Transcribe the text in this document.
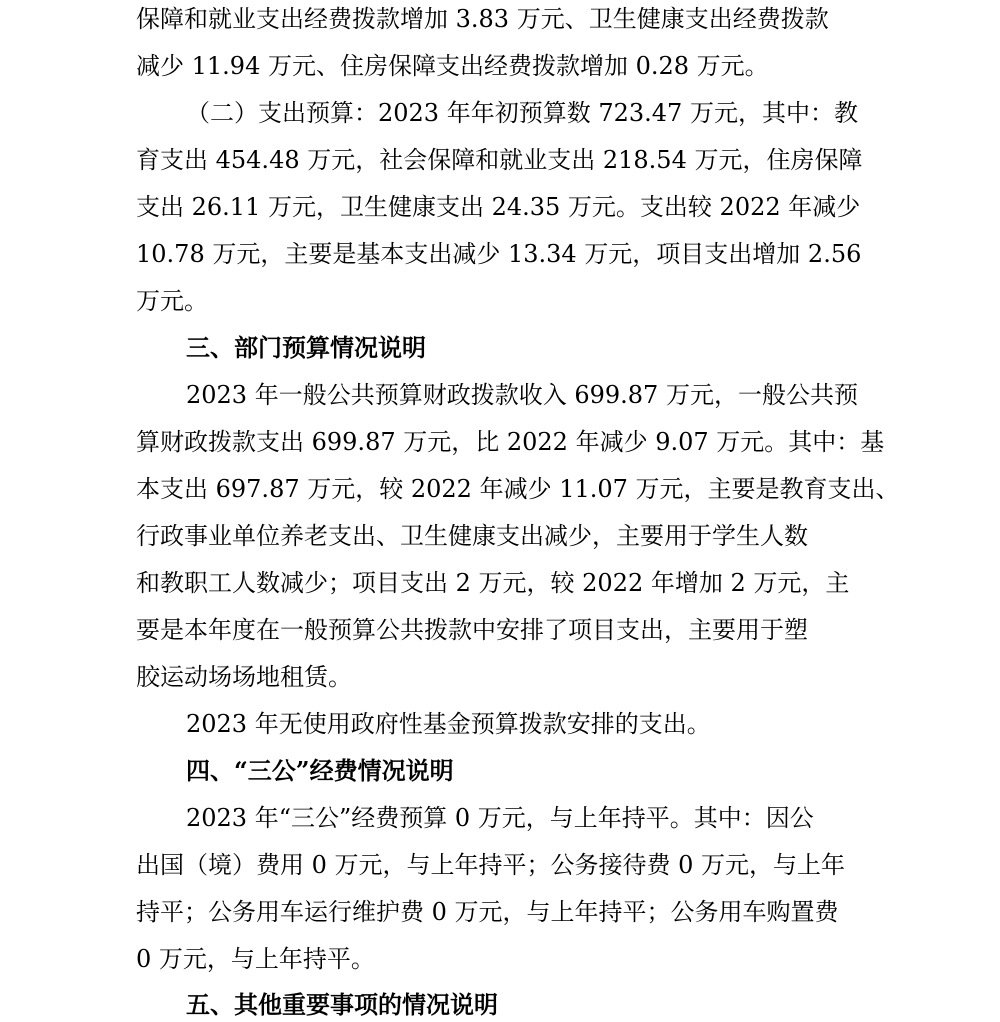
保障和就业支出经费拨款增加 3.83 万元、卫生健康支出经费拨款
减少 11.94 万元、住房保障支出经费拨款增加 0.28 万元。
（二）支出预算：2023 年年初预算数 723.47 万元，其中：教
育支出 454.48 万元，社会保障和就业支出 218.54 万元，住房保障
支出 26.11 万元，卫生健康支出 24.35 万元。支出较 2022 年减少
10.78 万元，主要是基本支出减少 13.34 万元，项目支出增加 2.56
万元。
三、部门预算情况说明
2023 年一般公共预算财政拨款收入 699.87 万元，一般公共预
算财政拨款支出 699.87 万元，比 2022 年减少 9.07 万元。其中：基
本支出 697.87 万元，较 2022 年减少 11.07 万元，主要是教育支出、
行政事业单位养老支出、卫生健康支出减少，主要用于学生人数
和教职工人数减少；项目支出 2 万元，较 2022 年增加 2 万元，主
要是本年度在一般预算公共拨款中安排了项目支出，主要用于塑
胶运动场场地租赁。
2023 年无使用政府性基金预算拨款安排的支出。
四、“三公”经费情况说明
2023 年“三公”经费预算 0 万元，与上年持平。其中：因公
出国（境）费用 0 万元，与上年持平；公务接待费 0 万元，与上年
持平；公务用车运行维护费 0 万元，与上年持平；公务用车购置费
0 万元，与上年持平。
五、其他重要事项的情况说明
